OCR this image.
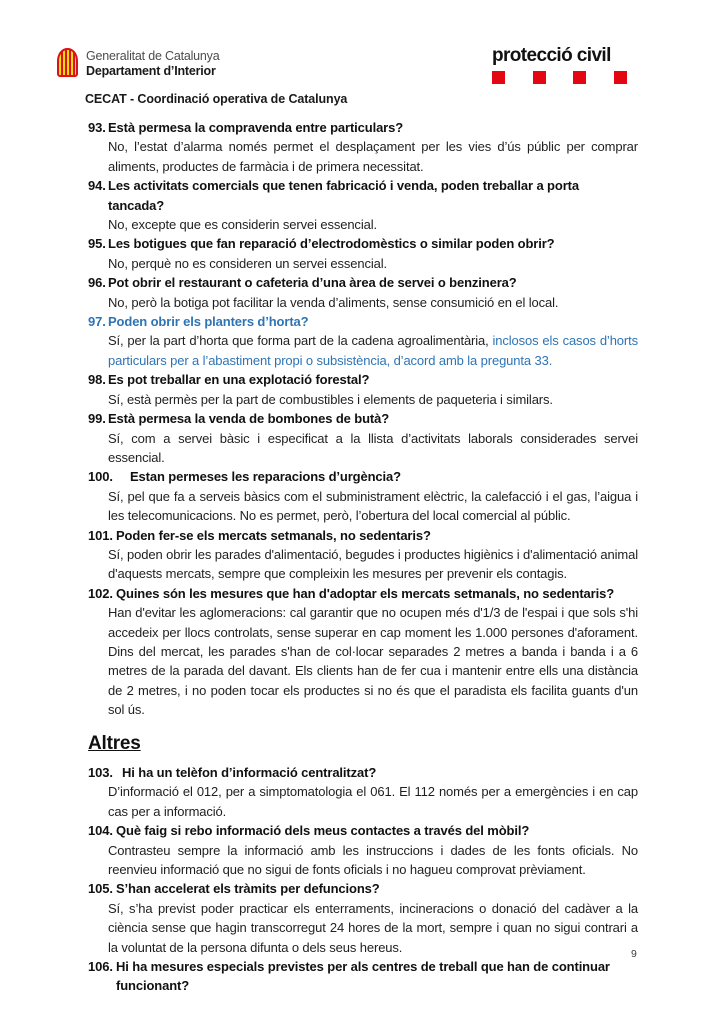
Generalitat de Catalunya
Departament d’Interior
protecció civil
CECAT - Coordinació operativa de Catalunya
93. Està permesa la compravenda entre particulars?
No, l’estat d’alarma només permet el desplaçament per les vies d’ús públic per comprar aliments, productes de farmàcia i de primera necessitat.
94. Les activitats comercials que tenen fabricació i venda, poden treballar a porta tancada?
No, excepte que es considerin servei essencial.
95. Les botigues que fan reparació d’electrodomèstics o similar poden obrir?
No, perquè no es consideren un servei essencial.
96. Pot obrir el restaurant o cafeteria d’una àrea de servei o benzinera?
No, però la botiga pot facilitar la venda d’aliments, sense consumició en el local.
97. Poden obrir els planters d’horta?
Sí, per la part d’horta que forma part de la cadena agroalimentària, inclosos els casos d’horts particulars per a l’abastiment propi o subsistència, d’acord amb la pregunta 33.
98. Es pot treballar en una explotació forestal?
Sí, està permès per la part de combustibles i elements de paqueteria i similars.
99. Està permesa la venda de bombones de butà?
Sí, com a servei bàsic i especificat a la llista d’activitats laborals considerades servei essencial.
100. Estan permeses les reparacions d’urgència?
Sí, pel que fa a serveis bàsics com el subministrament elèctric, la calefacció i el gas, l’aigua i les telecomunicacions. No es permet, però, l’obertura del local comercial al públic.
101. Poden fer-se els mercats setmanals, no sedentaris?
Sí, poden obrir les parades d'alimentació, begudes i productes higiènics i d'alimentació animal d'aquests mercats, sempre que compleixin les mesures per prevenir els contagis.
102. Quines són les mesures que han d'adoptar els mercats setmanals, no sedentaris?
Han d'evitar les aglomeracions: cal garantir que no ocupen més d'1/3 de l'espai i que sols s'hi accedeix per llocs controlats, sense superar en cap moment les 1.000 persones d'aforament. Dins del mercat, les parades s'han de col·locar separades 2 metres a banda i banda i a 6 metres de la parada del davant. Els clients han de fer cua i mantenir entre ells una distància de 2 metres, i no poden tocar els productes si no és que el paradista els facilita guants d'un sol ús.
Altres
103. Hi ha un telèfon d’informació centralitzat?
D’informació el 012, per a simptomatologia el 061. El 112 només per a emergències i en cap cas per a informació.
104. Què faig si rebo informació dels meus contactes a través del mòbil?
Contrasteu sempre la informació amb les instruccions i dades de les fonts oficials. No reenvieu informació que no sigui de fonts oficials i no hagueu comprovat prèviament.
105. S’han accelerat els tràmits per defuncions?
Sí, s’ha previst poder practicar els enterraments, incineracions o donació del cadàver a la ciència sense que hagin transcorregut 24 hores de la mort, sempre i quan no sigui contrari a la voluntat de la persona difunta o dels seus hereus.
106. Hi ha mesures especials previstes per als centres de treball que han de continuar funcionant?
9
